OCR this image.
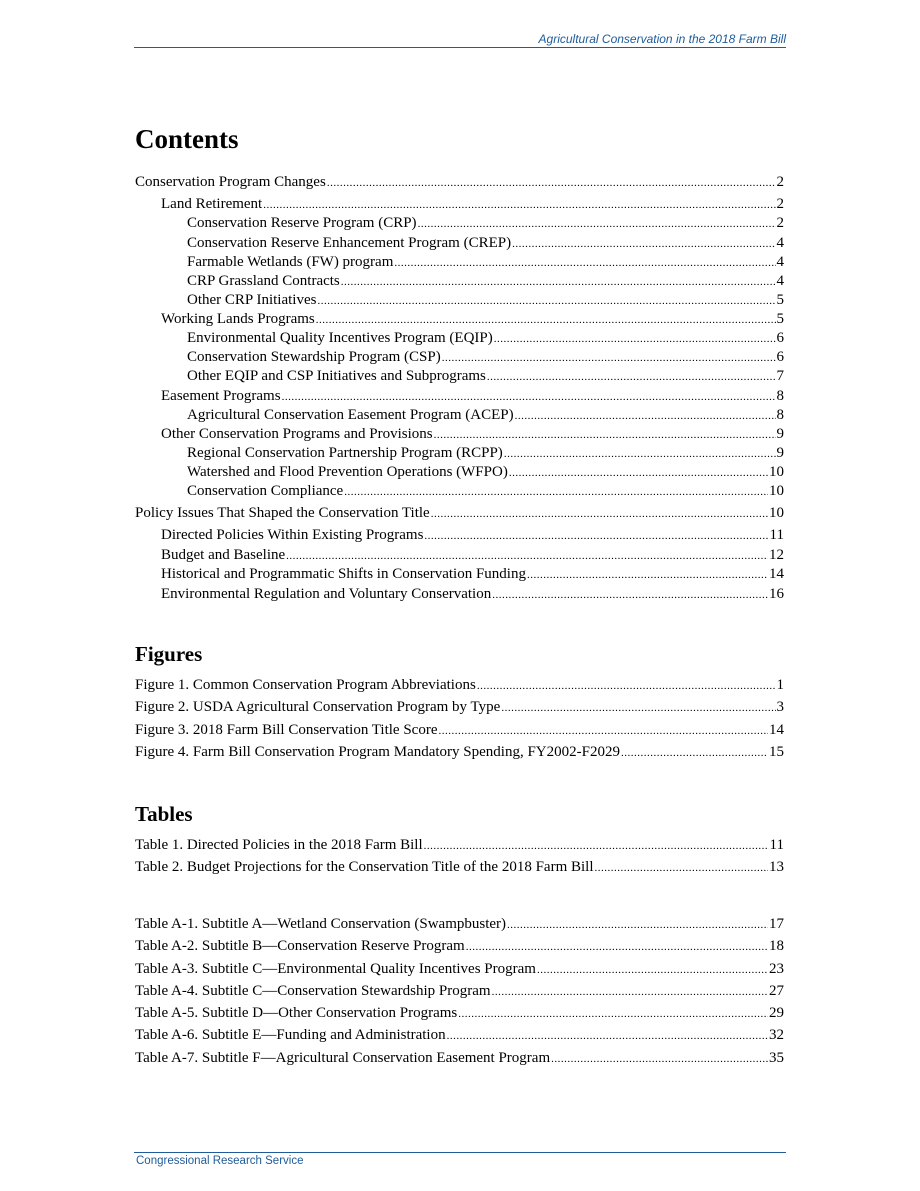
Agricultural Conservation in the 2018 Farm Bill
Contents
Conservation Program Changes .....	2
Land Retirement .....	2
Conservation Reserve Program (CRP) .....	2
Conservation Reserve Enhancement Program (CREP) .....	4
Farmable Wetlands (FW) program .....	4
CRP Grassland Contracts .....	4
Other CRP Initiatives .....	5
Working Lands Programs .....	5
Environmental Quality Incentives Program (EQIP) .....	6
Conservation Stewardship Program (CSP) .....	6
Other EQIP and CSP Initiatives and Subprograms .....	7
Easement Programs .....	8
Agricultural Conservation Easement Program (ACEP) .....	8
Other Conservation Programs and Provisions .....	9
Regional Conservation Partnership Program (RCPP) .....	9
Watershed and Flood Prevention Operations (WFPO) .....	10
Conservation Compliance .....	10
Policy Issues That Shaped the Conservation Title .....	10
Directed Policies Within Existing Programs .....	11
Budget and Baseline .....	12
Historical and Programmatic Shifts in Conservation Funding .....	14
Environmental Regulation and Voluntary Conservation .....	16
Figures
Figure 1. Common Conservation Program Abbreviations .....	1
Figure 2. USDA Agricultural Conservation Program by Type .....	3
Figure 3. 2018 Farm Bill Conservation Title Score .....	14
Figure 4. Farm Bill Conservation Program Mandatory Spending, FY2002-F2029 .....	15
Tables
Table 1. Directed Policies in the 2018 Farm Bill .....	11
Table 2. Budget Projections for the Conservation Title of the 2018 Farm Bill .....	13
Table A-1. Subtitle A—Wetland Conservation (Swampbuster) .....	17
Table A-2. Subtitle B—Conservation Reserve Program .....	18
Table A-3. Subtitle C—Environmental Quality Incentives Program .....	23
Table A-4. Subtitle C—Conservation Stewardship Program .....	27
Table A-5. Subtitle D—Other Conservation Programs .....	29
Table A-6. Subtitle E—Funding and Administration .....	32
Table A-7. Subtitle F—Agricultural Conservation Easement Program .....	35
Congressional Research Service
